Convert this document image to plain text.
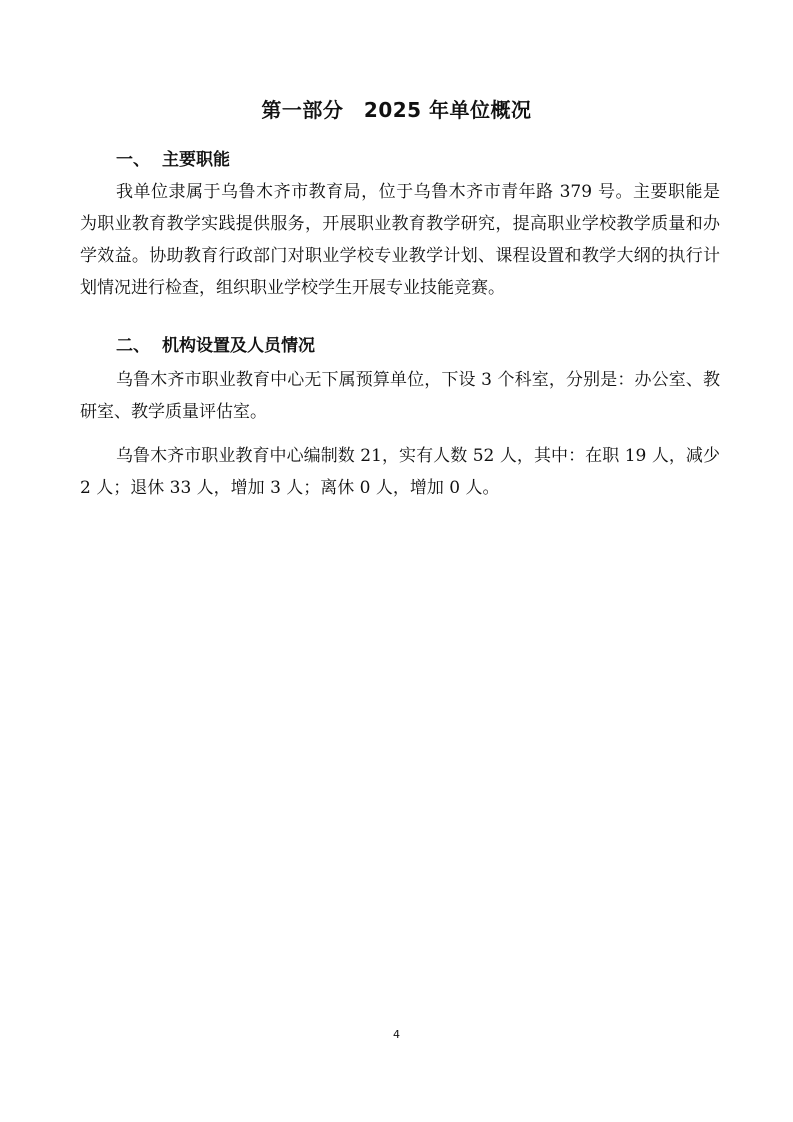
第一部分　2025 年单位概况
一、 主要职能
我单位隶属于乌鲁木齐市教育局，位于乌鲁木齐市青年路 379 号。主要职能是为职业教育教学实践提供服务，开展职业教育教学研究，提高职业学校教学质量和办学效益。协助教育行政部门对职业学校专业教学计划、课程设置和教学大纲的执行计划情况进行检查，组织职业学校学生开展专业技能竞赛。
二、 机构设置及人员情况
乌鲁木齐市职业教育中心无下属预算单位，下设 3 个科室，分别是：办公室、教研室、教学质量评估室。
乌鲁木齐市职业教育中心编制数 21，实有人数 52 人，其中：在职 19 人，减少 2 人；退休 33 人，增加 3 人；离休 0 人，增加 0 人。
4
